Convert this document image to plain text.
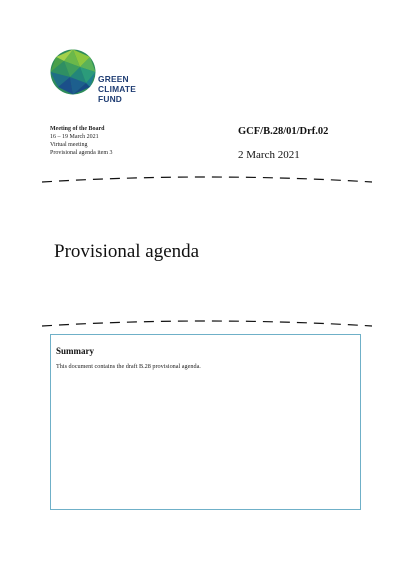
GREEN
CLIMATE
FUND
Meeting of the Board
16 – 19 March 2021
Virtual meeting
Provisional agenda item 3
GCF/B.28/01/Drf.02
2 March 2021
Provisional agenda
Summary
This document contains the draft B.28 provisional agenda.
